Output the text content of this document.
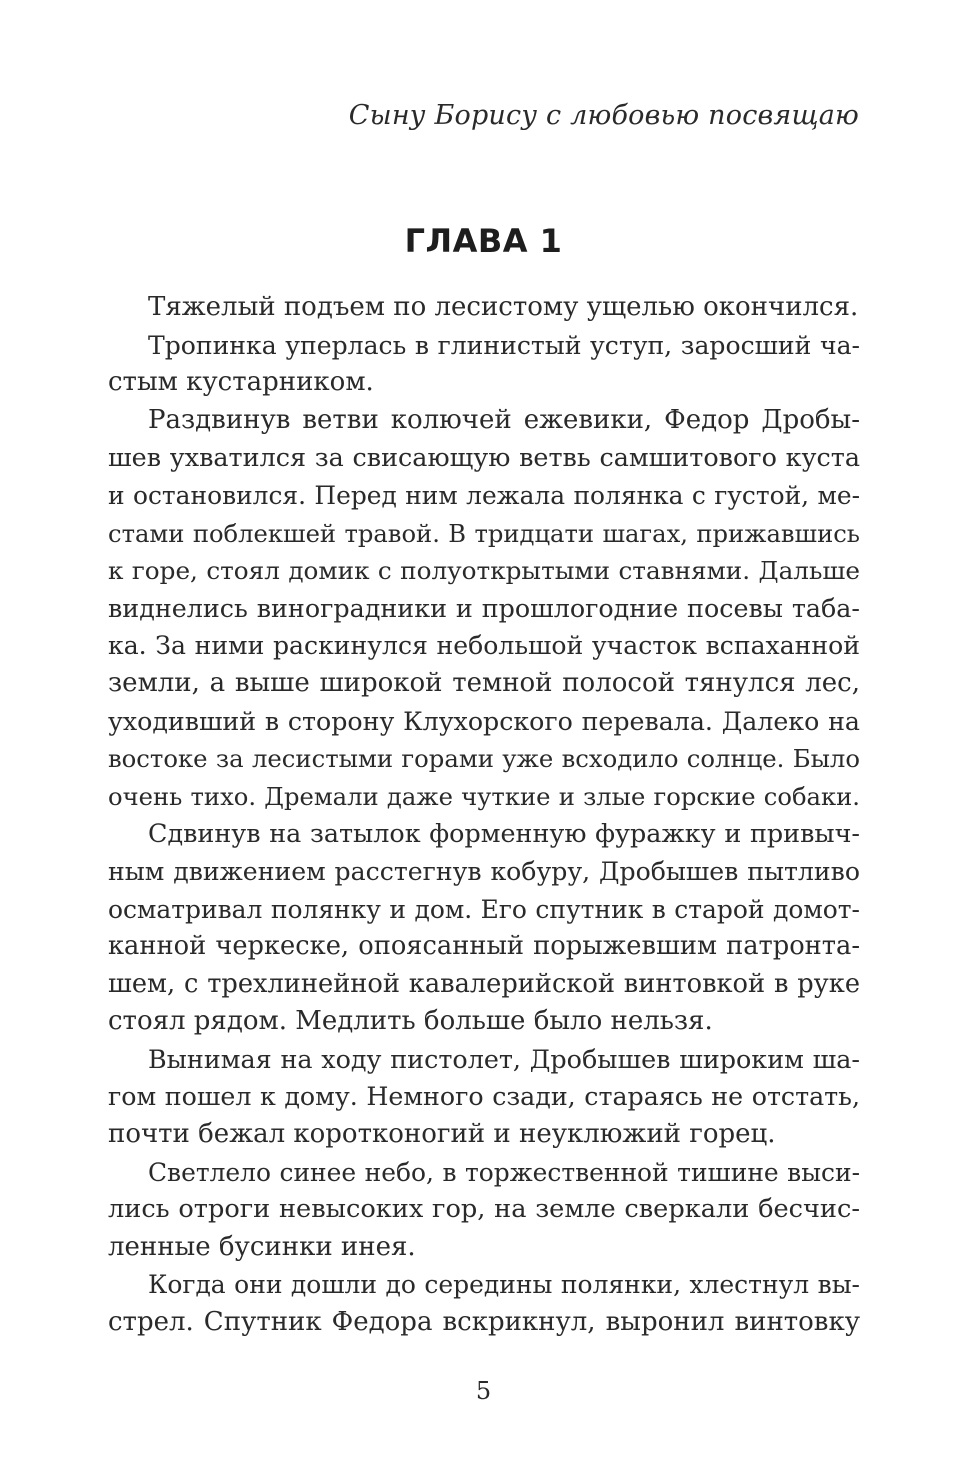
Сыну Борису с любовью посвящаю
ГЛАВА 1
Тяжелый подъем по лесистому ущелью окончился.
Тропинка уперлась в глинистый уступ, заросший ча-
стым кустарником.
Раздвинув ветви колючей ежевики, Федор Дробы-
шев ухватился за свисающую ветвь самшитового куста
и остановился. Перед ним лежала полянка с густой, ме-
стами поблекшей травой. В тридцати шагах, прижавшись
к горе, стоял домик с полуоткрытыми ставнями. Дальше
виднелись виноградники и прошлогодние посевы таба-
ка. За ними раскинулся небольшой участок вспаханной
земли, а выше широкой темной полосой тянулся лес,
уходивший в сторону Клухорского перевала. Далеко на
востоке за лесистыми горами уже всходило солнце. Было
очень тихо. Дремали даже чуткие и злые горские собаки.
Сдвинув на затылок форменную фуражку и привыч-
ным движением расстегнув кобуру, Дробышев пытливо
осматривал полянку и дом. Его спутник в старой домот-
канной черкеске, опоясанный порыжевшим патронта-
шем, с трехлинейной кавалерийской винтовкой в руке
стоял рядом. Медлить больше было нельзя.
Вынимая на ходу пистолет, Дробышев широким ша-
гом пошел к дому. Немного сзади, стараясь не отстать,
почти бежал коротконогий и неуклюжий горец.
Светлело синее небо, в торжественной тишине выси-
лись отроги невысоких гор, на земле сверкали бесчис-
ленные бусинки инея.
Когда они дошли до середины полянки, хлестнул вы-
стрел. Спутник Федора вскрикнул, выронил винтовку
5
